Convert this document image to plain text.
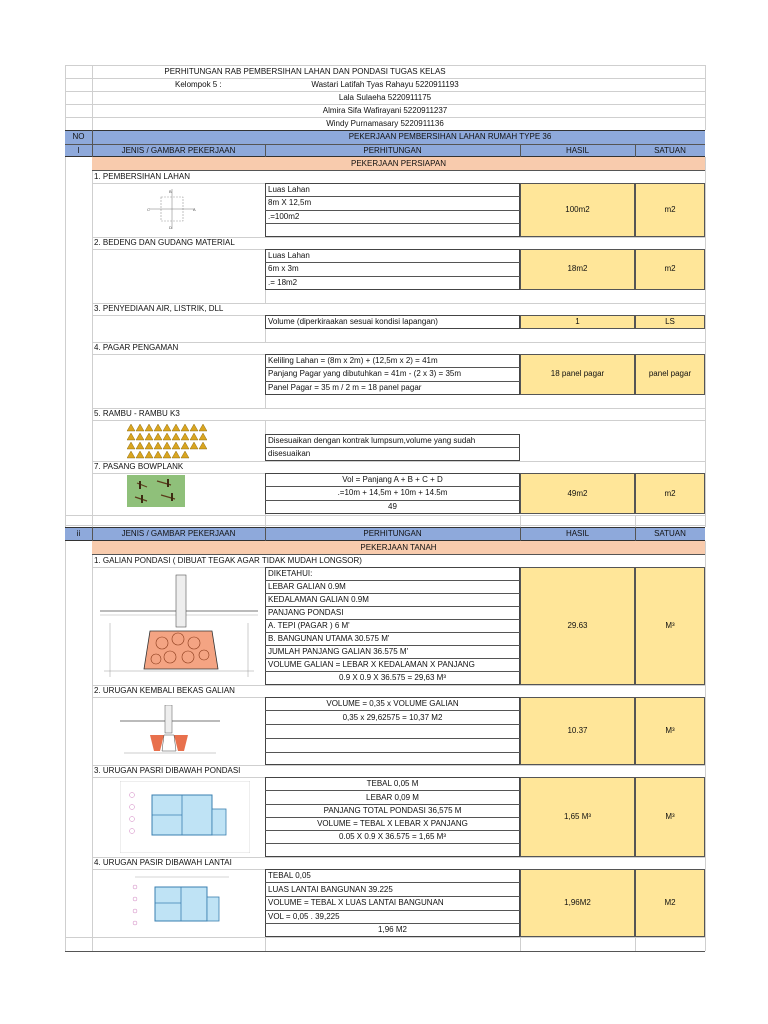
PERHITUNGAN RAB PEMBERSIHAN LAHAN DAN PONDASI TUGAS KELAS
Kelompok 5 :	Wastari Latifah Tyas Rahayu 5220911193
Lala Sulaeha 5220911175
Almira Sifa Wafirayani 5220911237
Windy Purnamasary 5220911136
NO	PEKERJAAN PEMBERSIHAN LAHAN RUMAH TYPE 36
I	JENIS / GAMBAR PEKERJAAN	PERHITUNGAN	HASIL	SATUAN
PEKERJAAN PERSIAPAN
1. PEMBERSIHAN LAHAN
B
D
C	A
Luas Lahan
8m X 12,5m
.=100m2
100m2	m2
2. BEDENG DAN GUDANG MATERIAL
Luas Lahan
6m x 3m
.= 18m2
18m2	m2
3. PENYEDIAAN AIR, LISTRIK, DLL
Volume (diperkiraakan sesuai kondisi lapangan)	1	LS
4. PAGAR PENGAMAN
Keliling Lahan = (8m x 2m) + (12,5m x 2) = 41m
Panjang Pagar yang dibutuhkan = 41m - (2 x 3) = 35m
Panel Pagar = 35 m / 2 m = 18 panel pagar
18 panel pagar	panel pagar
5. RAMBU - RAMBU K3
Disesuaikan dengan kontrak lumpsum,volume yang sudah
disesuaikan
7. PASANG BOWPLANK
Vol = Panjang A + B + C + D
.=10m + 14,5m + 10m + 14.5m
49
49m2	m2
ii	JENIS / GAMBAR PEKERJAAN	PERHITUNGAN	HASIL	SATUAN
PEKERJAAN TANAH
1. GALIAN PONDASI ( DIBUAT TEGAK AGAR TIDAK MUDAH LONGSOR)
DIKETAHUI:
LEBAR GALIAN 0.9M
KEDALAMAN GALIAN 0.9M
PANJANG PONDASI
A. TEPI (PAGAR ) 6 M'
B. BANGUNAN UTAMA 30.575 M'
JUMLAH PANJANG GALIAN 36.575 M'
VOLUME GALIAN = LEBAR X KEDALAMAN X PANJANG
0.9 X 0.9 X 36.575 = 29,63 M³
29.63	M³
2. URUGAN KEMBALI BEKAS GALIAN
VOLUME = 0,35 x VOLUME GALIAN
0,35 x 29,62575 = 10,37 M2
10.37	M³
3. URUGAN PASRI DIBAWAH PONDASI
TEBAL 0,05 M
LEBAR 0,09 M
PANJANG TOTAL PONDASI 36,575 M
VOLUME = TEBAL X LEBAR X PANJANG
0.05 X 0.9 X 36.575 = 1,65 M³
1,65 M³	M³
4. URUGAN PASIR DIBAWAH LANTAI
TEBAL 0,05
LUAS LANTAI BANGUNAN 39.225
VOLUME = TEBAL X LUAS LANTAI BANGUNAN
VOL = 0,05 . 39,225
1,96 M2
1,96M2	M2
